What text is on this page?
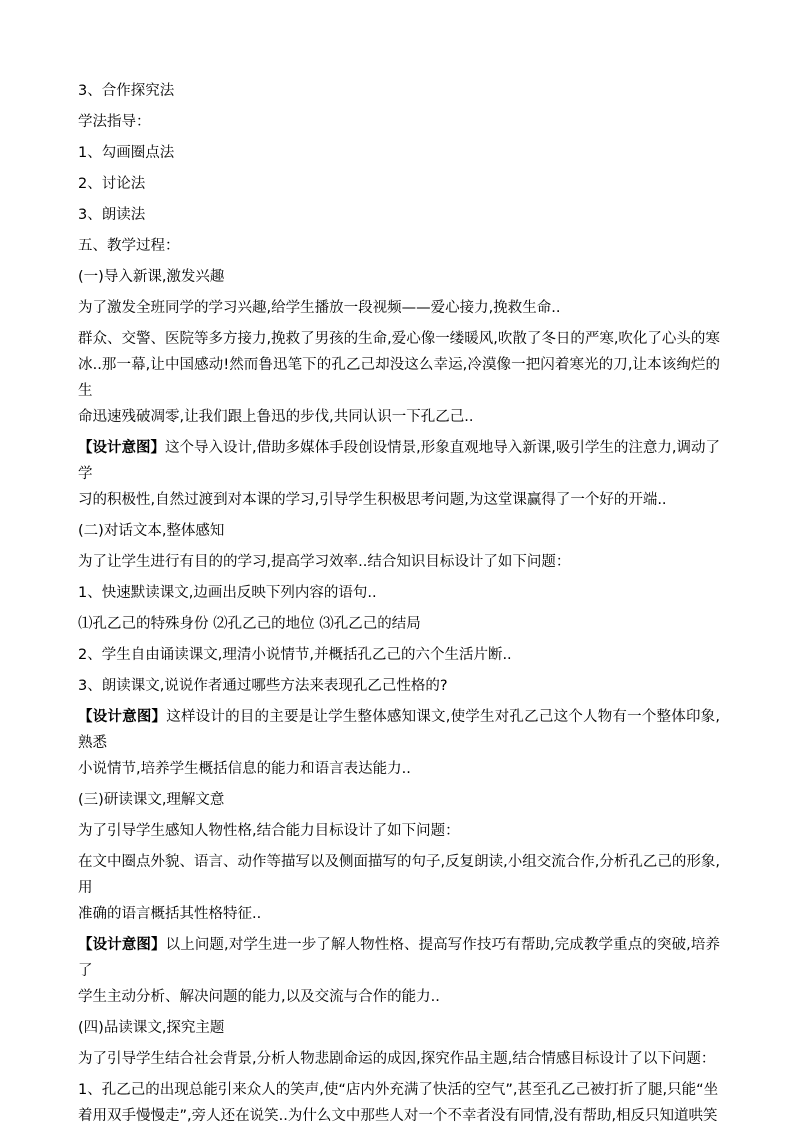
3、合作探究法

学法指导：

1、勾画圈点法

2、讨论法

3、朗读法

五、教学过程：

(一)导入新课,激发兴趣

为了激发全班同学的学习兴趣,给学生播放一段视频——爱心接力,挽救生命..

群众、交警、医院等多方接力,挽救了男孩的生命,爱心像一缕暖风,吹散了冬日的严寒,吹化了心头的寒
冰..那一幕,让中国感动!然而鲁迅笔下的孔乙己却没这么幸运,冷漠像一把闪着寒光的刀,让本该绚烂的生
命迅速残破凋零,让我们跟上鲁迅的步伐,共同认识一下孔乙己..

【设计意图】这个导入设计,借助多媒体手段创设情景,形象直观地导入新课,吸引学生的注意力,调动了学
习的积极性,自然过渡到对本课的学习,引导学生积极思考问题,为这堂课赢得了一个好的开端..

(二)对话文本,整体感知

为了让学生进行有目的的学习,提高学习效率..结合知识目标设计了如下问题：

1、快速默读课文,边画出反映下列内容的语句..

⑴孔乙己的特殊身份 ⑵孔乙己的地位 ⑶孔乙己的结局

2、学生自由诵读课文,理清小说情节,并概括孔乙己的六个生活片断..

3、朗读课文,说说作者通过哪些方法来表现孔乙己性格的?

【设计意图】这样设计的目的主要是让学生整体感知课文,使学生对孔乙己这个人物有一个整体印象,熟悉
小说情节,培养学生概括信息的能力和语言表达能力..

(三)研读课文,理解文意

为了引导学生感知人物性格,结合能力目标设计了如下问题：

在文中圈点外貌、语言、动作等描写以及侧面描写的句子,反复朗读,小组交流合作,分析孔乙己的形象,用
准确的语言概括其性格特征..

【设计意图】以上问题,对学生进一步了解人物性格、提高写作技巧有帮助,完成教学重点的突破,培养了
学生主动分析、解决问题的能力,以及交流与合作的能力..

(四)品读课文,探究主题

为了引导学生结合社会背景,分析人物悲剧命运的成因,探究作品主题,结合情感目标设计了以下问题：

1、孔乙己的出现总能引来众人的笑声,使“店内外充满了快活的空气”,甚至孔乙己被打折了腿,只能“坐
着用双手慢慢走”,旁人还在说笑..为什么文中那些人对一个不幸者没有同情,没有帮助,相反只知道哄笑
